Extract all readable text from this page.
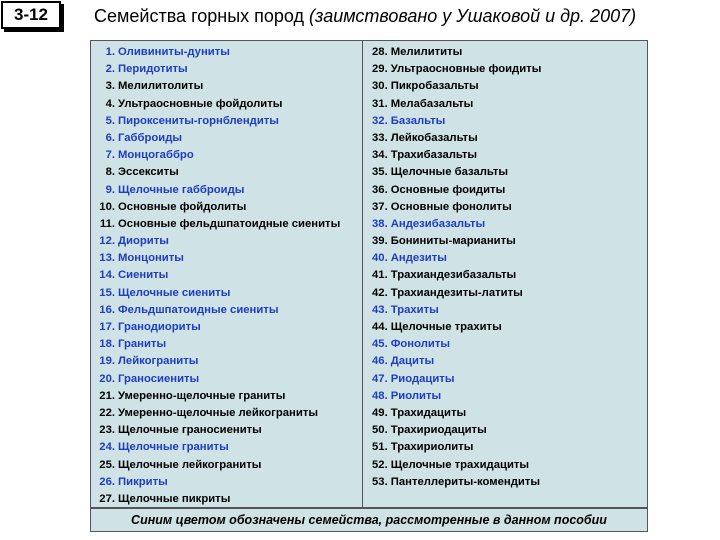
3-12	Семейства горных пород (заимствовано у Ушаковой и др. 2007)
1. Оливиниты-дуниты
2. Перидотиты
3. Мелилитолиты
4. Ультраосновные фойдолиты
5. Пироксениты-горнблендиты
6. Габброиды
7. Монцогаббро
8. Эссекситы
9. Щелочные габброиды
10. Основные фойдолиты
11. Основные фельдшпатоидные сиениты
12. Диориты
13. Монцониты
14. Сиениты
15. Щелочные сиениты
16. Фельдшпатоидные сиениты
17. Гранодиориты
18. Граниты
19. Лейкограниты
20. Граносиениты
21. Умеренно-щелочные граниты
22. Умеренно-щелочные лейкограниты
23. Щелочные граносиениты
24. Щелочные граниты
25. Щелочные лейкограниты
26. Пикриты
27. Щелочные пикриты
28. Мелилититы
29. Ультраосновные фоидиты
30. Пикробазальты
31. Мелабазальты
32. Базальты
33. Лейкобазальты
34. Трахибазальты
35. Щелочные базальты
36. Основные фоидиты
37. Основные фонолиты
38. Андезибазальты
39. Бониниты-марианиты
40. Андезиты
41. Трахиандезибазальты
42. Трахиандезиты-латиты
43. Трахиты
44. Щелочные трахиты
45. Фонолиты
46. Дациты
47. Риодациты
48. Риолиты
49. Трахидациты
50. Трахириодациты
51. Трахириолиты
52. Щелочные трахидациты
53. Пантеллериты-комендиты
Синим цветом обозначены семейства, рассмотренные в данном пособии
